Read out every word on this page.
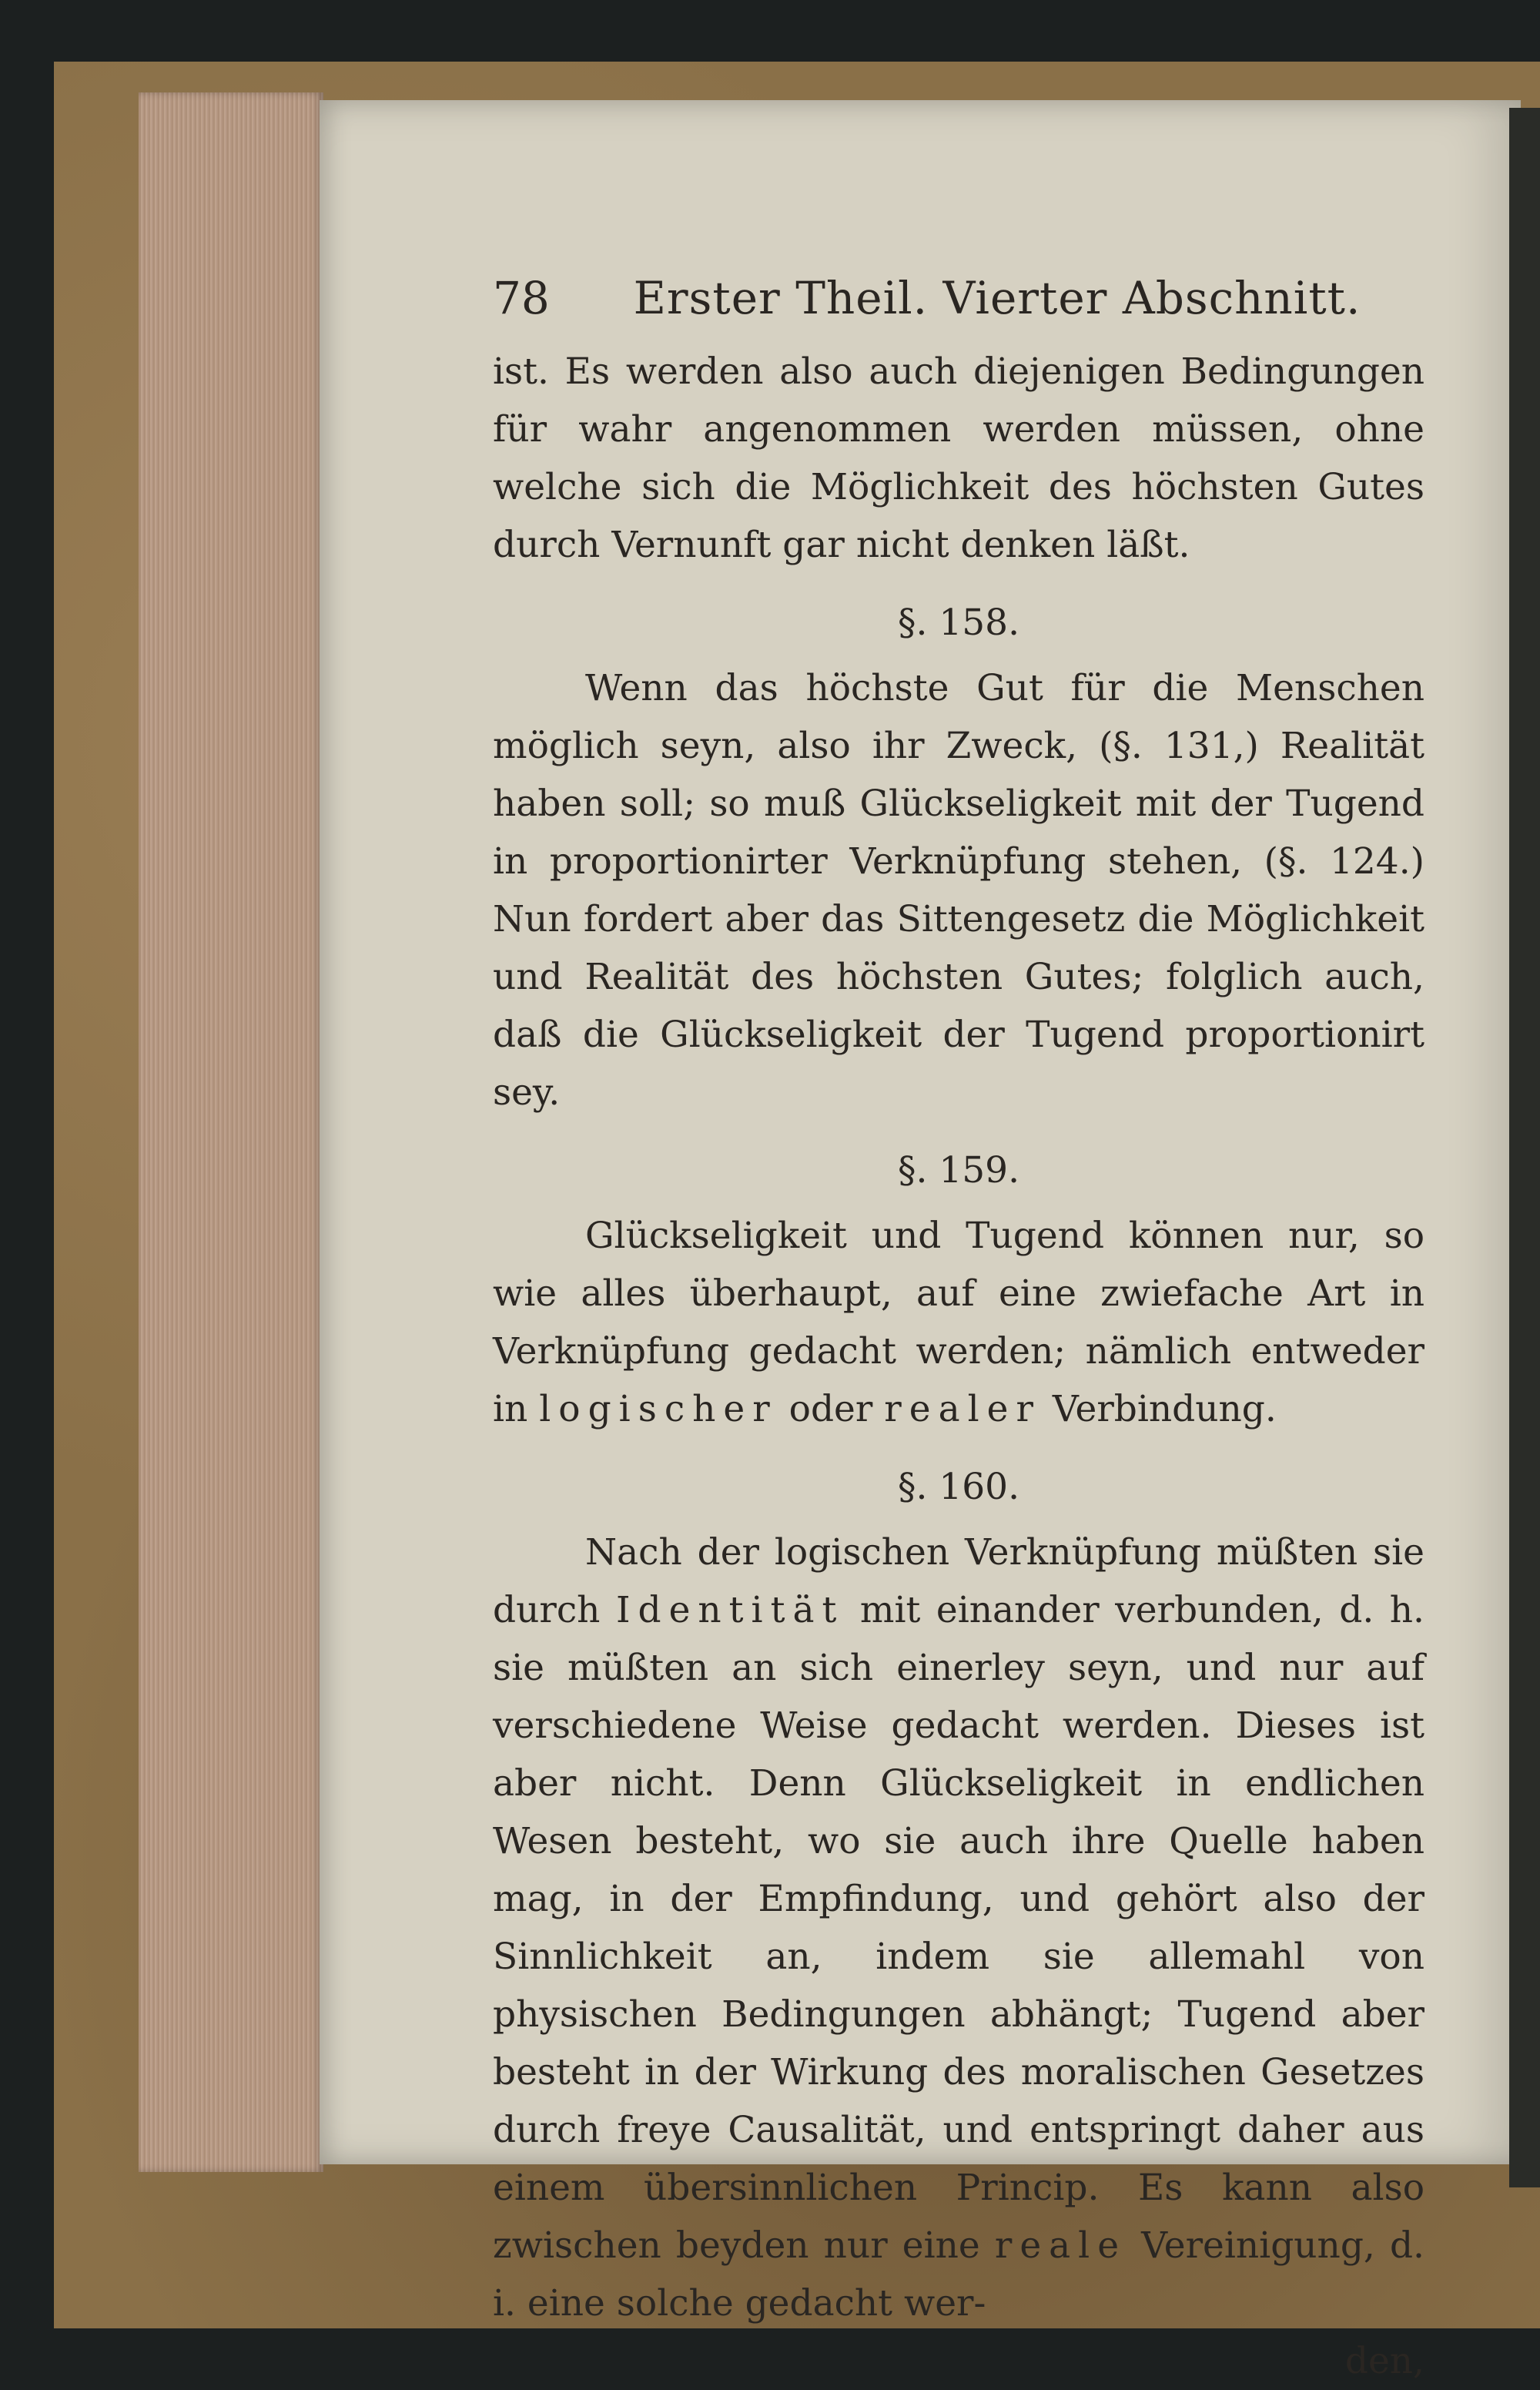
78	Erster Theil. Vierter Abschnitt.

ist. Es werden also auch diejenigen Bedingungen für wahr angenommen werden müssen, ohne welche sich die Möglichkeit des höchsten Gutes durch Vernunft gar nicht denken läßt.

§. 158.

Wenn das höchste Gut für die Menschen möglich seyn, also ihr Zweck, (§. 131,) Realität haben soll; so muß Glückseligkeit mit der Tugend in proportionirter Verknüpfung stehen, (§. 124.) Nun fordert aber das Sittengesetz die Möglichkeit und Realität des höchsten Gutes; folglich auch, daß die Glückseligkeit der Tugend proportionirt sey.

§. 159.

Glückseligkeit und Tugend können nur, so wie alles überhaupt, auf eine zwiefache Art in Verknüpfung gedacht werden; nämlich entweder in logischer oder realer Verbindung.

§. 160.

Nach der logischen Verknüpfung müßten sie durch Identität mit einander verbunden, d. h. sie müßten an sich einerley seyn, und nur auf verschiedene Weise gedacht werden. Dieses ist aber nicht. Denn Glückseligkeit in endlichen Wesen besteht, wo sie auch ihre Quelle haben mag, in der Empfindung, und gehört also der Sinnlichkeit an, indem sie allemahl von physischen Bedingungen abhängt; Tugend aber besteht in der Wirkung des moralischen Gesetzes durch freye Causalität, und entspringt daher aus einem übersinnlichen Princip. Es kann also zwischen beyden nur eine reale Vereinigung, d. i. eine solche gedacht wer-

den,
